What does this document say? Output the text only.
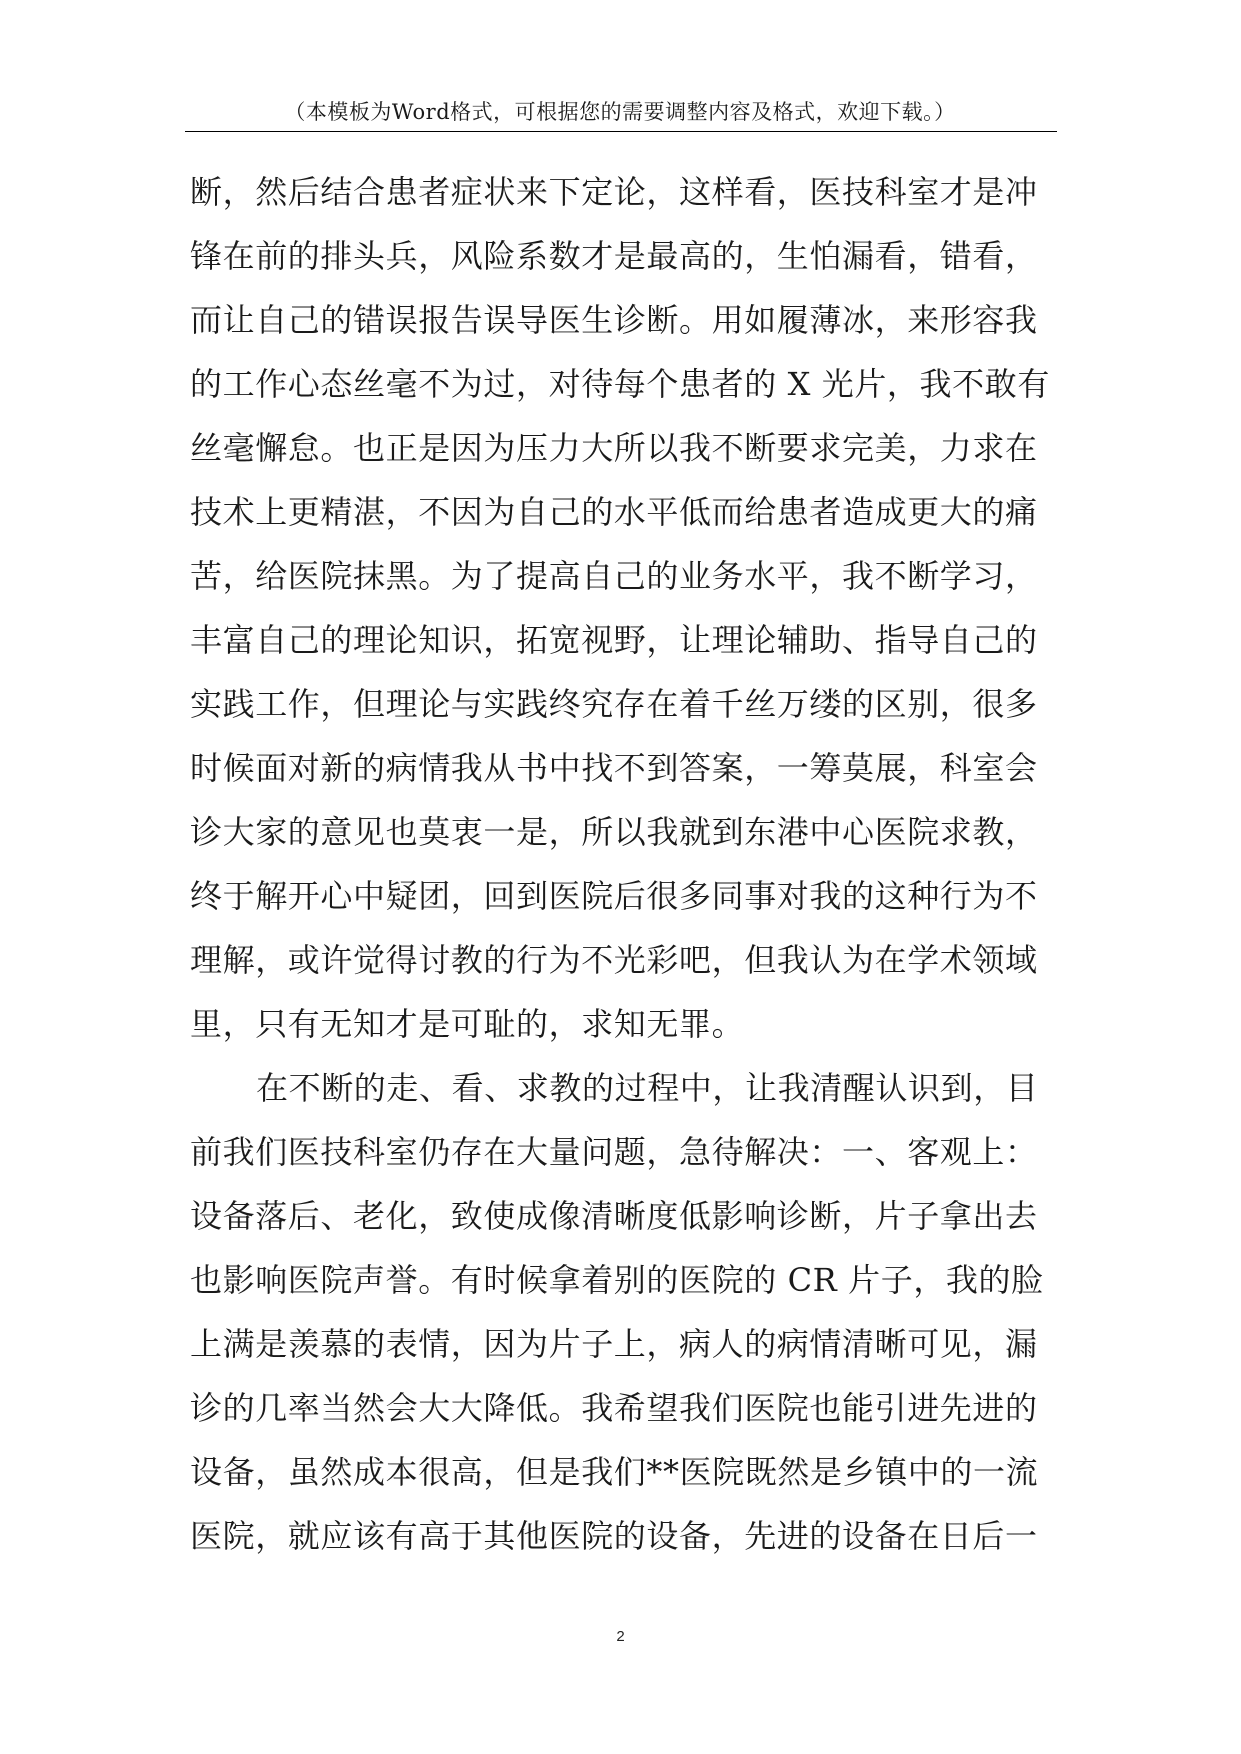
（本模板为Word格式，可根据您的需要调整内容及格式，欢迎下载。）
断，然后结合患者症状来下定论，这样看，医技科室才是冲
锋在前的排头兵，风险系数才是最高的，生怕漏看，错看，
而让自己的错误报告误导医生诊断。用如履薄冰，来形容我
的工作心态丝毫不为过，对待每个患者的 X 光片，我不敢有
丝毫懈怠。也正是因为压力大所以我不断要求完美，力求在
技术上更精湛，不因为自己的水平低而给患者造成更大的痛
苦，给医院抹黑。为了提高自己的业务水平，我不断学习，
丰富自己的理论知识，拓宽视野，让理论辅助、指导自己的
实践工作，但理论与实践终究存在着千丝万缕的区别，很多
时候面对新的病情我从书中找不到答案，一筹莫展，科室会
诊大家的意见也莫衷一是，所以我就到东港中心医院求教，
终于解开心中疑团，回到医院后很多同事对我的这种行为不
理解，或许觉得讨教的行为不光彩吧，但我认为在学术领域
里，只有无知才是可耻的，求知无罪。
在不断的走、看、求教的过程中，让我清醒认识到，目
前我们医技科室仍存在大量问题，急待解决：一、客观上：
设备落后、老化，致使成像清晰度低影响诊断，片子拿出去
也影响医院声誉。有时候拿着别的医院的 CR 片子，我的脸
上满是羡慕的表情，因为片子上，病人的病情清晰可见，漏
诊的几率当然会大大降低。我希望我们医院也能引进先进的
设备，虽然成本很高，但是我们**医院既然是乡镇中的一流
医院，就应该有高于其他医院的设备，先进的设备在日后一
2
